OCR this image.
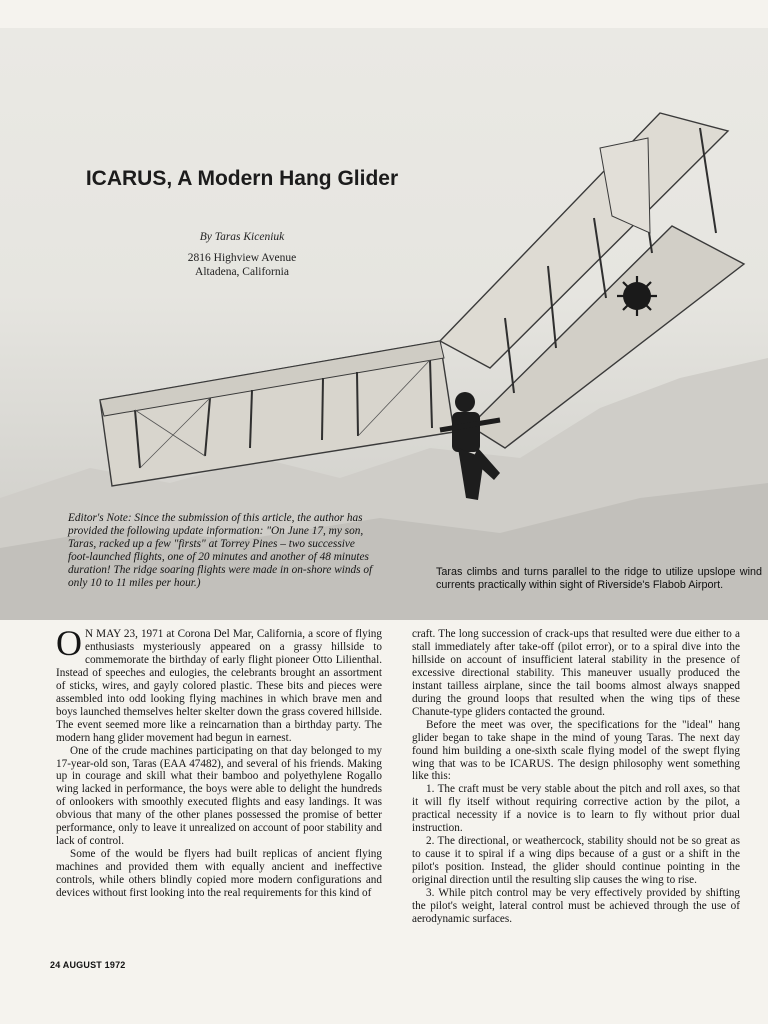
ICARUS, A Modern Hang Glider
By Taras Kiceniuk
2816 Highview Avenue
Altadena, California
Editor's Note: Since the submission of this article, the author has provided the following update information: "On June 17, my son, Taras, racked up a few "firsts" at Torrey Pines – two successive foot-launched flights, one of 20 minutes and another of 48 minutes duration! The ridge soaring flights were made in on-shore winds of only 10 to 11 miles per hour.)
Taras climbs and turns parallel to the ridge to utilize upslope wind currents practically within sight of Riverside's Flabob Airport.

O N MAY 23, 1971 at Corona Del Mar, California, a score of flying enthusiasts mysteriously appeared on a grassy hillside to commemorate the birthday of early flight pioneer Otto Lilienthal. Instead of speeches and eulogies, the celebrants brought an assortment of sticks, wires, and gayly colored plastic. These bits and pieces were assembled into odd looking flying machines in which brave men and boys launched themselves helter skelter down the grass covered hillside. The event seemed more like a reincarnation than a birthday party. The modern hang glider movement had begun in earnest.

One of the crude machines participating on that day belonged to my 17-year-old son, Taras (EAA 47482), and several of his friends. Making up in courage and skill what their bamboo and polyethylene Rogallo wing lacked in performance, the boys were able to delight the hundreds of onlookers with smoothly executed flights and easy landings. It was obvious that many of the other planes possessed the promise of better performance, only to leave it unrealized on account of poor stability and lack of control.

Some of the would be flyers had built replicas of ancient flying machines and provided them with equally ancient and ineffective controls, while others blindly copied more modern configurations and devices without first looking into the real requirements for this kind of

craft. The long succession of crack-ups that resulted were due either to a stall immediately after take-off (pilot error), or to a spiral dive into the hillside on account of insufficient lateral stability in the presence of excessive directional stability. This maneuver usually produced the instant tailless airplane, since the tail booms almost always snapped during the ground loops that resulted when the wing tips of these Chanute-type gliders contacted the ground.

Before the meet was over, the specifications for the "ideal" hang glider began to take shape in the mind of young Taras. The next day found him building a one-sixth scale flying model of the swept flying wing that was to be ICARUS. The design philosophy went something like this:

1. The craft must be very stable about the pitch and roll axes, so that it will fly itself without requiring corrective action by the pilot, a practical necessity if a novice is to learn to fly without prior dual instruction.

2. The directional, or weathercock, stability should not be so great as to cause it to spiral if a wing dips because of a gust or a shift in the pilot's position. Instead, the glider should continue pointing in the original direction until the resulting slip causes the wing to rise.

3. While pitch control may be very effectively provided by shifting the pilot's weight, lateral control must be achieved through the use of aerodynamic surfaces.

24 AUGUST 1972
